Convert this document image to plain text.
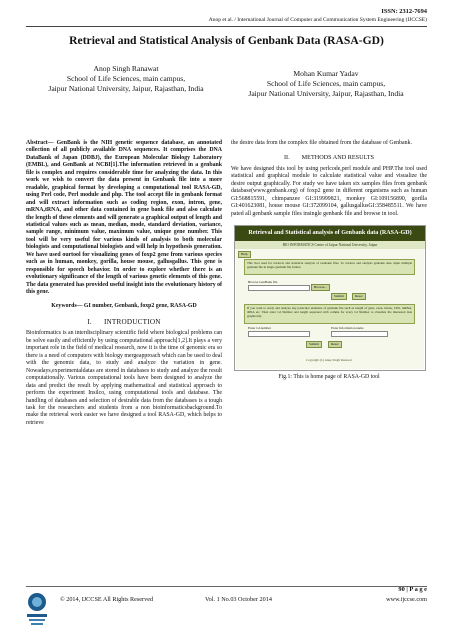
ISSN: 2312-7694
Anop et al. / International Journal of Computer and Communication System Engineering (IJCCSE)
Retrieval and Statistical Analysis of Genbank Data (RASA-GD)
Anop Singh Ranawat
School of Life Sciences, main campus,
Jaipur National University, Jaipur, Rajasthan, India
Mohan Kumar Yadav
School of Life Sciences, main campus,
Jaipur National University, Jaipur, Rajasthan, India

Abstract— GenBank is the NIH genetic sequence database, an annotated collection of all publicly available DNA sequences. It comprises the DNA DataBank of Japan (DDBJ), the European Molecular Biology Laboratory (EMBL), and GenBank at NCBI[1].The information retrieved in a genbank file is complex and requires considerable time for analyzing the data. In this work we wish to convert the data present in Genbank file into a more readable, graphical format by developing a computational tool RASA-GD, using Perl code, Perl module and php. The tool accept file in genbank format and will extract information such as coding region, exon, intron, gene, mRNA,tRNA, and other data contained in gene bank file and also calculate the length of these elements and will generate a graphical output of length and statistical values such as mean, median, mode, standard deviation, variance, sample range, minimum value, maximum value, unique gene number. This tool will be very useful for various kinds of analysis to both molecular biologists and computational biologists and will help in hypothesis generation. We have used ourtool for visualizing genes of foxp2 gene from various species such as in human, monkey, gorilla, house mouse, gallusgallus. This gene is responsible for speech behavior. In order to explore whether there is an evolutionary significance of the length of various genetic elements of this gene. The data generated has provided useful insight into the evolutionary history of this gene.

Keywords— GI number, Genbank, foxp2 gene, RASA-GD

I. INTRODUCTION

Bioinformatics is an interdisciplinary scientific field where biological problems can be solve easily and efficiently by using computational approach[1,2].It plays a very important role in the field of medical research, now it is the time of genomic era so there is a need of computers with biology mergeapproach which can be used to deal with the genomic data, to study and analyze the variation in gene. Nowadays,experimentaldatas are stored in databases to study and analyze the result computationally. Various computational tools have been designed to analyze the data and predict the result by applying mathematical and statistical approach to perform the experiment Insilco, using computational tools and database. The handling of databases and selection of desirable data from the databases is a tough task for the researchers and students from a non bioinformaticsbackground.To make the retrieval work easier we have designed a tool RASA-GD, which helps to retrieve

the desire data from the complex file obtained from the database of Genbank.

II. METHODS AND RESULTS

We have designed this tool by using perlcode,perl module and PHP.The tool used statistical and graphical module to calculate statistical value and visualize the desire output graphically. For study we have taken six samples files from genbank database(www.genbank.org) of foxp2 gene in different organisms such as human GI:568815591, chimpanzee GI:319999821, monkey GI:109156890, gorilla GI:401623081, house mouse GI:372099104, gallusgallusGI:358485511. We have pated all genbank sample files insingle genbank file and browse in tool.

Retrieval and Statistical analysis of Genbank data (RASA-GD)
BIO INFORMATICS Centre of Jaipur National University, Jaipur
Help
This Tool used for retrieval and statistical analysis of Genbank files. To retrieve and analysis genbank data, input multiple genbank file in single genbank file format.
Browse GenBank file
Browse...
Submit	Reset
If you want to study and analyze any particular elements of genbank file such as length of gene, exon, intron, CDS, mRNA, tRNA etc. Then enter GI Number and length separated with comma for every GI Number to visualize the interested data graphically.
Enter GI number	Enter Information name
Submit	Reset
Copyright (C) Anup Singh Ranawat
Fig.1: This is home page of RASA-GD tool
© 2014, IJCCSE All Rights Reserved	Vol. 1 No.03 October 2014
90 | P a g e
www.ijccse.com
